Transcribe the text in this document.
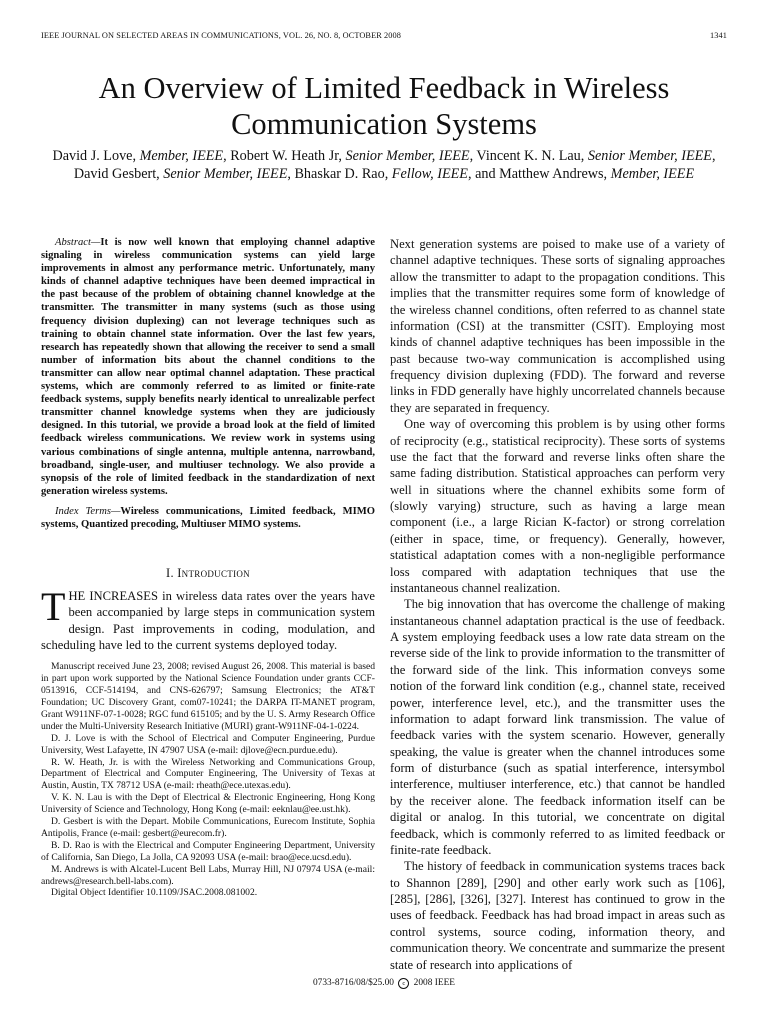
IEEE JOURNAL ON SELECTED AREAS IN COMMUNICATIONS, VOL. 26, NO. 8, OCTOBER 2008	1341
An Overview of Limited Feedback in Wireless Communication Systems
David J. Love, Member, IEEE, Robert W. Heath Jr, Senior Member, IEEE, Vincent K. N. Lau, Senior Member, IEEE, David Gesbert, Senior Member, IEEE, Bhaskar D. Rao, Fellow, IEEE, and Matthew Andrews, Member, IEEE

Abstract—It is now well known that employing channel adaptive signaling in wireless communication systems can yield large improvements in almost any performance metric. Unfortunately, many kinds of channel adaptive techniques have been deemed impractical in the past because of the problem of obtaining channel knowledge at the transmitter. The transmitter in many systems (such as those using frequency division duplexing) can not leverage techniques such as training to obtain channel state information. Over the last few years, research has repeatedly shown that allowing the receiver to send a small number of information bits about the channel conditions to the transmitter can allow near optimal channel adaptation. These practical systems, which are commonly referred to as limited or finite-rate feedback systems, supply benefits nearly identical to unrealizable perfect transmitter channel knowledge systems when they are judiciously designed. In this tutorial, we provide a broad look at the field of limited feedback wireless communications. We review work in systems using various combinations of single antenna, multiple antenna, narrowband, broadband, single-user, and multiuser technology. We also provide a synopsis of the role of limited feedback in the standardization of next generation wireless systems.

Index Terms—Wireless communications, Limited feedback, MIMO systems, Quantized precoding, Multiuser MIMO systems.

I. Introduction

THE INCREASES in wireless data rates over the years have been accompanied by large steps in communication system design. Past improvements in coding, modulation, and scheduling have led to the current systems deployed today.

Manuscript received June 23, 2008; revised August 26, 2008. This material is based in part upon work supported by the National Science Foundation under grants CCF-0513916, CCF-514194, and CNS-626797; Samsung Electronics; the AT&T Foundation; UC Discovery Grant, com07-10241; the DARPA IT-MANET program, Grant W911NF-07-1-0028; RGC fund 615105; and by the U. S. Army Research Office under the Multi-University Research Initiative (MURI) grant-W911NF-04-1-0224.

D. J. Love is with the School of Electrical and Computer Engineering, Purdue University, West Lafayette, IN 47907 USA (e-mail: djlove@ecn.purdue.edu).

R. W. Heath, Jr. is with the Wireless Networking and Communications Group, Department of Electrical and Computer Engineering, The University of Texas at Austin, Austin, TX 78712 USA (e-mail: rheath@ece.utexas.edu).

V. K. N. Lau is with the Dept of Electrical & Electronic Engineering, Hong Kong University of Science and Technology, Hong Kong (e-mail: eeknlau@ee.ust.hk).

D. Gesbert is with the Depart. Mobile Communications, Eurecom Institute, Sophia Antipolis, France (e-mail: gesbert@eurecom.fr).

B. D. Rao is with the Electrical and Computer Engineering Department, University of California, San Diego, La Jolla, CA 92093 USA (e-mail: brao@ece.ucsd.edu).

M. Andrews is with Alcatel-Lucent Bell Labs, Murray Hill, NJ 07974 USA (e-mail: andrews@research.bell-labs.com).

Digital Object Identifier 10.1109/JSAC.2008.081002.

Next generation systems are poised to make use of a variety of channel adaptive techniques. These sorts of signaling approaches allow the transmitter to adapt to the propagation conditions. This implies that the transmitter requires some form of knowledge of the wireless channel conditions, often referred to as channel state information (CSI) at the transmitter (CSIT). Employing most kinds of channel adaptive techniques has been impossible in the past because two-way communication is accomplished using frequency division duplexing (FDD). The forward and reverse links in FDD generally have highly uncorrelated channels because they are separated in frequency.

One way of overcoming this problem is by using other forms of reciprocity (e.g., statistical reciprocity). These sorts of systems use the fact that the forward and reverse links often share the same fading distribution. Statistical approaches can perform very well in situations where the channel exhibits some form of (slowly varying) structure, such as having a large mean component (i.e., a large Rician K-factor) or strong correlation (either in space, time, or frequency). Generally, however, statistical adaptation comes with a non-negligible performance loss compared with adaptation techniques that use the instantaneous channel realization.

The big innovation that has overcome the challenge of making instantaneous channel adaptation practical is the use of feedback. A system employing feedback uses a low rate data stream on the reverse side of the link to provide information to the transmitter of the forward side of the link. This information conveys some notion of the forward link condition (e.g., channel state, received power, interference level, etc.), and the transmitter uses the information to adapt forward link transmission. The value of feedback varies with the system scenario. However, generally speaking, the value is greater when the channel introduces some form of disturbance (such as spatial interference, intersymbol interference, multiuser interference, etc.) that cannot be handled by the receiver alone. The feedback information itself can be digital or analog. In this tutorial, we concentrate on digital feedback, which is commonly referred to as limited feedback or finite-rate feedback.

The history of feedback in communication systems traces back to Shannon [289], [290] and other early work such as [106], [285], [286], [326], [327]. Interest has continued to grow in the uses of feedback. Feedback has had broad impact in areas such as control systems, source coding, information theory, and communication theory. We concentrate and summarize the present state of research into applications of

0733-8716/08/$25.00 c 2008 IEEE
